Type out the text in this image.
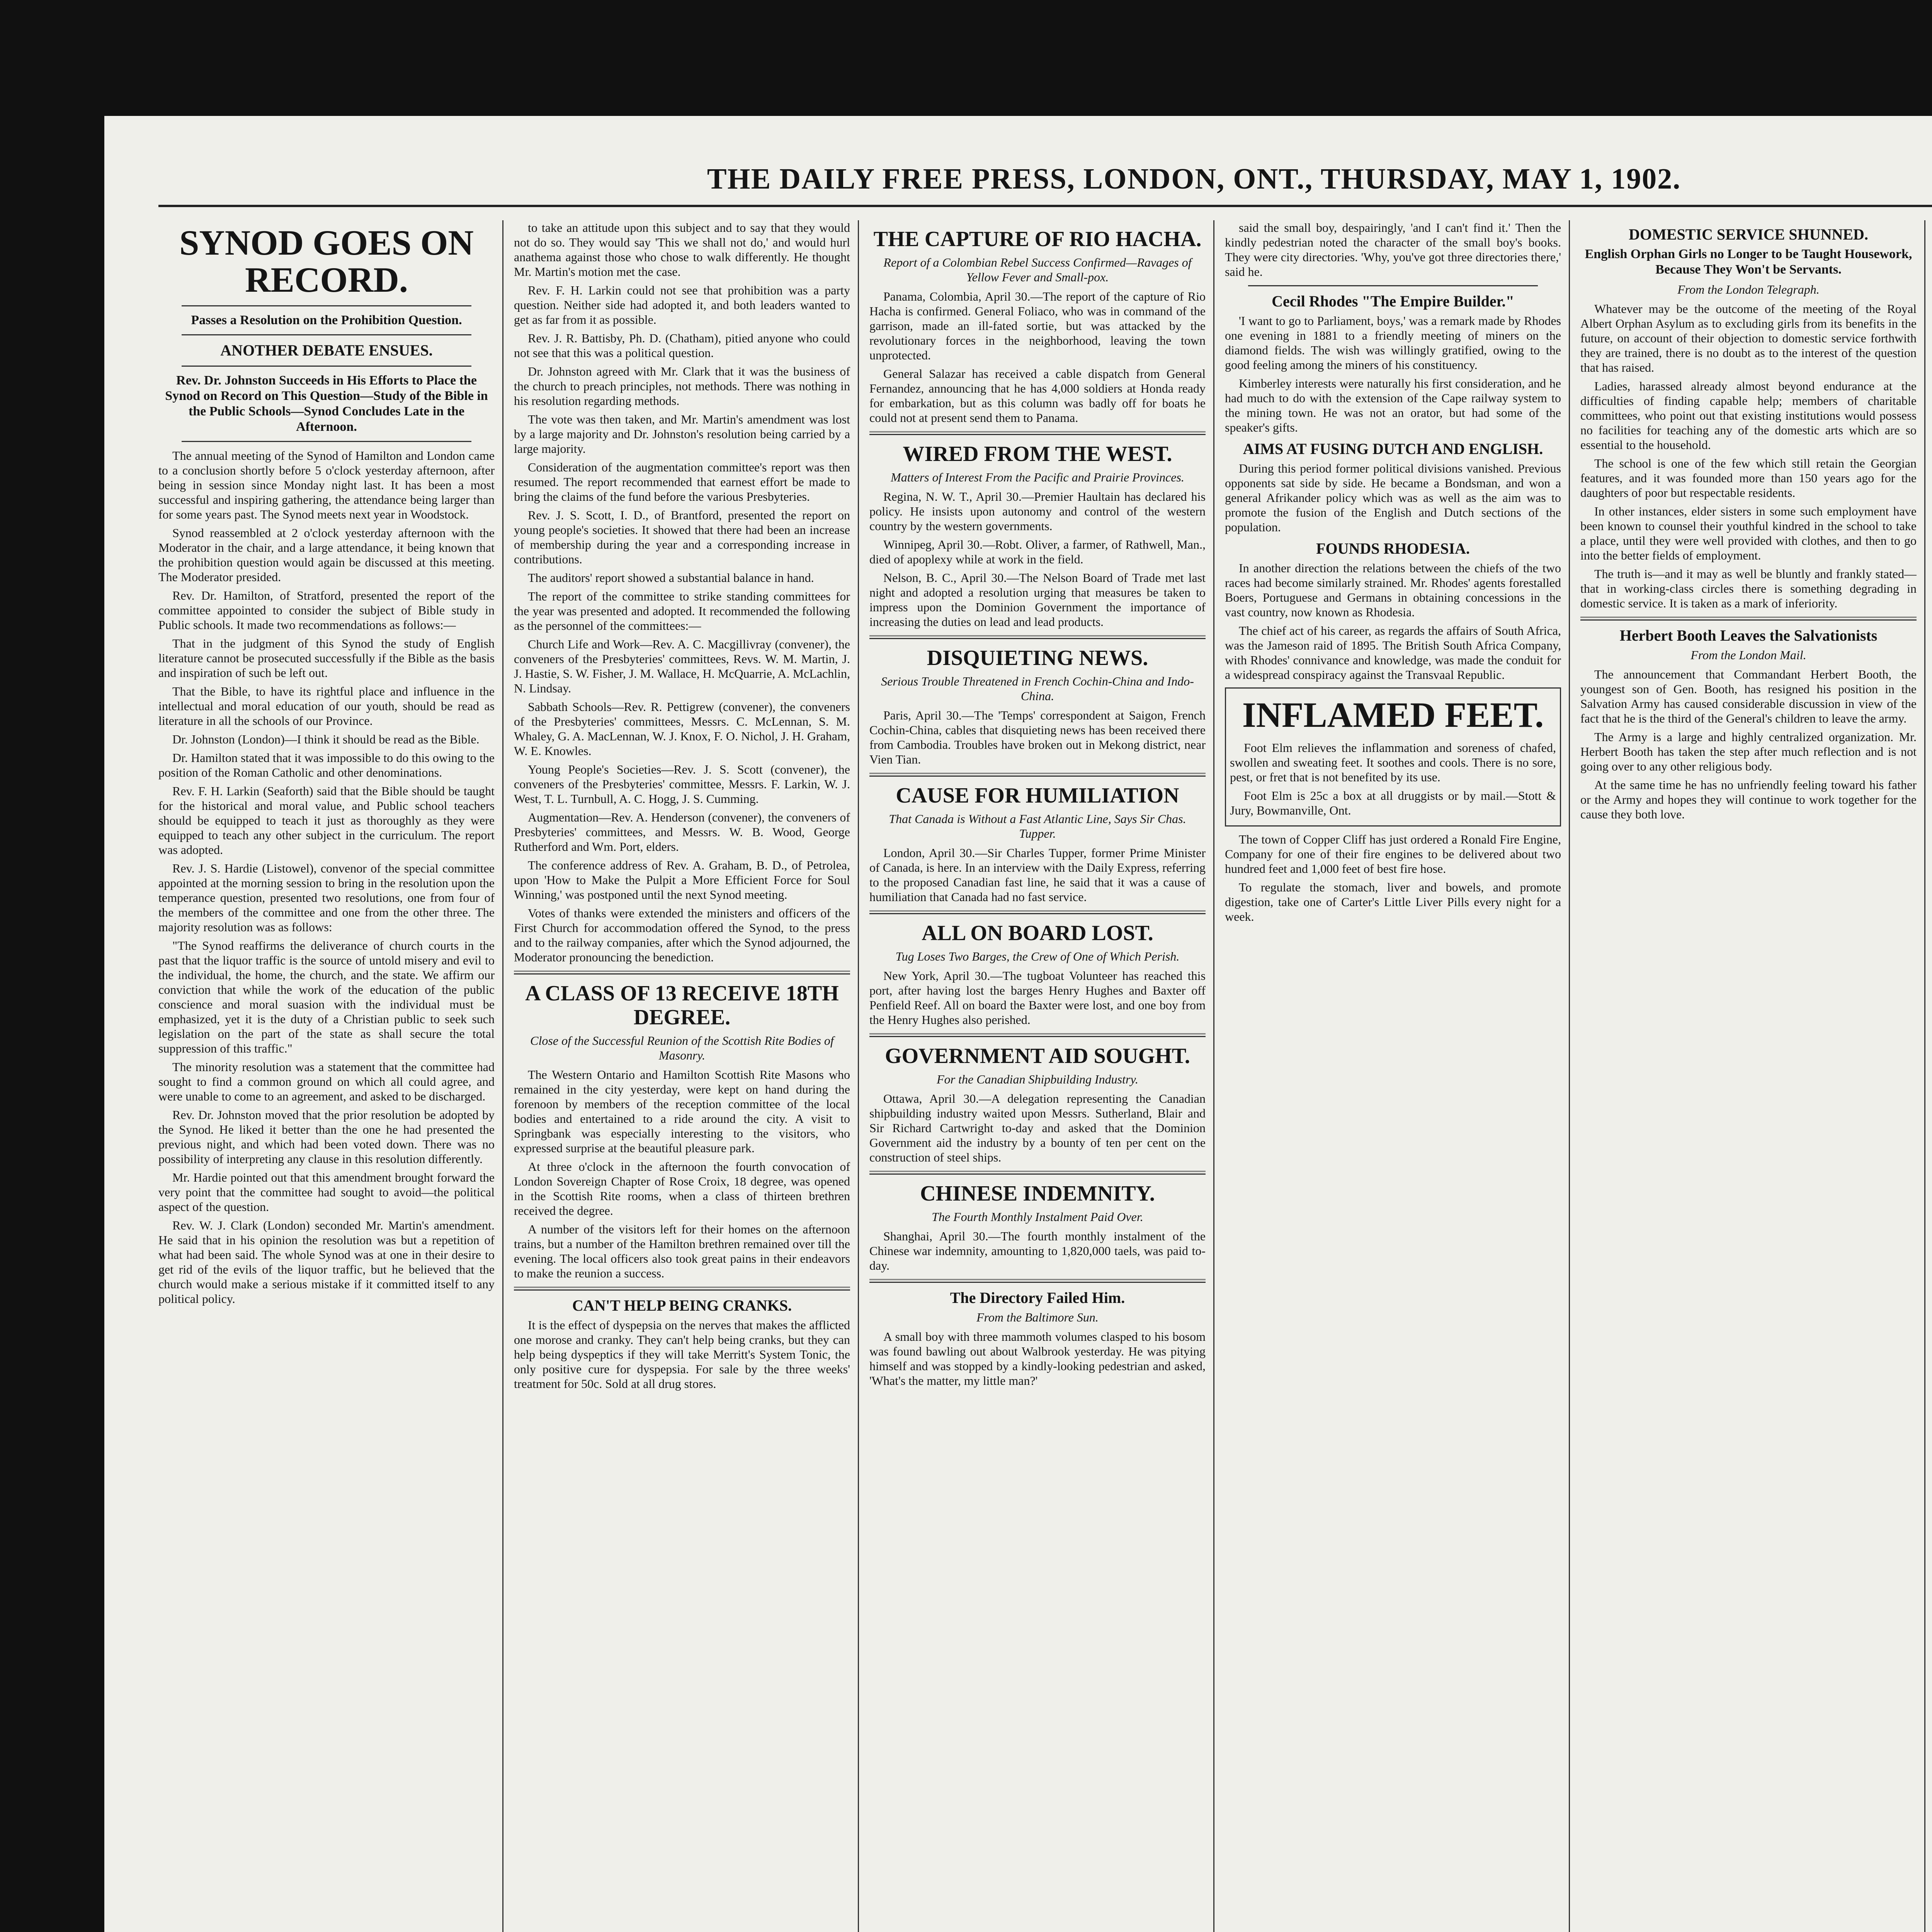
THE DAILY FREE PRESS, LONDON, ONT., THURSDAY, MAY 1, 1902.
SYNOD GOES ON RECORD.
Passes a Resolution on the Prohibition Question.
ANOTHER DEBATE ENSUES.
Rev. Dr. Johnston Succeeds in His Efforts to Place the Synod on Record on This Question—Study of the Bible in the Public Schools—Synod Concludes Late in the Afternoon.

The annual meeting of the Synod of Hamilton and London came to a conclusion shortly before 5 o'clock yesterday afternoon, after being in session since Monday night last. It has been a most successful and inspiring gathering, the attendance being larger than for some years past. The Synod meets next year in Woodstock.

Synod reassembled at 2 o'clock yesterday afternoon with the Moderator in the chair, and a large attendance, it being known that the prohibition question would again be discussed at this meeting. The Moderator presided.

Rev. Dr. Hamilton, of Stratford, presented the report of the committee appointed to consider the subject of Bible study in Public schools. It made two recommendations as follows:—

That in the judgment of this Synod the study of English literature cannot be prosecuted successfully if the Bible as the basis and inspiration of such be left out.

That the Bible, to have its rightful place and influence in the intellectual and moral education of our youth, should be read as literature in all the schools of our Province.

Dr. Johnston (London)—I think it should be read as the Bible.

Dr. Hamilton stated that it was impossible to do this owing to the position of the Roman Catholic and other denominations.

Rev. F. H. Larkin (Seaforth) said that the Bible should be taught for the historical and moral value, and Public school teachers should be equipped to teach it just as thoroughly as they were equipped to teach any other subject in the curriculum. The report was adopted.

Rev. J. S. Hardie (Listowel), convenor of the special committee appointed at the morning session to bring in the resolution upon the temperance question, presented two resolutions, one from four of the members of the committee and one from the other three. The majority resolution was as follows:

"The Synod reaffirms the deliverance of church courts in the past that the liquor traffic is the source of untold misery and evil to the individual, the home, the church, and the state. We affirm our conviction that while the work of the education of the public conscience and moral suasion with the individual must be emphasized, yet it is the duty of a Christian public to seek such legislation on the part of the state as shall secure the total suppression of this traffic."

The minority resolution was a statement that the committee had sought to find a common ground on which all could agree, and were unable to come to an agreement, and asked to be discharged.

Rev. Dr. Johnston moved that the prior resolution be adopted by the Synod. He liked it better than the one he had presented the previous night, and which had been voted down. There was no possibility of interpreting any clause in this resolution differently.

Mr. Hardie pointed out that this amendment brought forward the very point that the committee had sought to avoid—the political aspect of the question.

Rev. W. J. Clark (London) seconded Mr. Martin's amendment. He said that in his opinion the resolution was but a repetition of what had been said. The whole Synod was at one in their desire to get rid of the evils of the liquor traffic, but he believed that the church would make a serious mistake if it committed itself to any political policy.

to take an attitude upon this subject and to say that they would not do so. They would say 'This we shall not do,' and would hurl anathema against those who chose to walk differently. He thought Mr. Martin's motion met the case.

Rev. F. H. Larkin could not see that prohibition was a party question. Neither side had adopted it, and both leaders wanted to get as far from it as possible.

Rev. J. R. Battisby, Ph. D. (Chatham), pitied anyone who could not see that this was a political question.

Dr. Johnston agreed with Mr. Clark that it was the business of the church to preach principles, not methods. There was nothing in his resolution regarding methods.

The vote was then taken, and Mr. Martin's amendment was lost by a large majority and Dr. Johnston's resolution being carried by a large majority.

Consideration of the augmentation committee's report was then resumed. The report recommended that earnest effort be made to bring the claims of the fund before the various Presbyteries.

Rev. J. S. Scott, I. D., of Brantford, presented the report on young people's societies. It showed that there had been an increase of membership during the year and a corresponding increase in contributions.

The auditors' report showed a substantial balance in hand.

The report of the committee to strike standing committees for the year was presented and adopted. It recommended the following as the personnel of the committees:—

Church Life and Work—Rev. A. C. Macgillivray (convener), the conveners of the Presbyteries' committees, Revs. W. M. Martin, J. J. Hastie, S. W. Fisher, J. M. Wallace, H. McQuarrie, A. McLachlin, N. Lindsay.

Sabbath Schools—Rev. R. Pettigrew (convener), the conveners of the Presbyteries' committees, Messrs. C. McLennan, S. M. Whaley, G. A. MacLennan, W. J. Knox, F. O. Nichol, J. H. Graham, W. E. Knowles.

Young People's Societies—Rev. J. S. Scott (convener), the conveners of the Presbyteries' committee, Messrs. F. Larkin, W. J. West, T. L. Turnbull, A. C. Hogg, J. S. Cumming.

Augmentation—Rev. A. Henderson (convener), the conveners of Presbyteries' committees, and Messrs. W. B. Wood, George Rutherford and Wm. Port, elders.

The conference address of Rev. A. Graham, B. D., of Petrolea, upon 'How to Make the Pulpit a More Efficient Force for Soul Winning,' was postponed until the next Synod meeting.

Votes of thanks were extended the ministers and officers of the First Church for accommodation offered the Synod, to the press and to the railway companies, after which the Synod adjourned, the Moderator pronouncing the benediction.

A CLASS OF 13 RECEIVE 18TH DEGREE.
Close of the Successful Reunion of the Scottish Rite Bodies of Masonry.

The Western Ontario and Hamilton Scottish Rite Masons who remained in the city yesterday, were kept on hand during the forenoon by members of the reception committee of the local bodies and entertained to a ride around the city. A visit to Springbank was especially interesting to the visitors, who expressed surprise at the beautiful pleasure park.

At three o'clock in the afternoon the fourth convocation of London Sovereign Chapter of Rose Croix, 18 degree, was opened in the Scottish Rite rooms, when a class of thirteen brethren received the degree.

A number of the visitors left for their homes on the afternoon trains, but a number of the Hamilton brethren remained over till the evening. The local officers also took great pains in their endeavors to make the reunion a success.

CAN'T HELP BEING CRANKS.

It is the effect of dyspepsia on the nerves that makes the afflicted one morose and cranky. They can't help being cranks, but they can help being dyspeptics if they will take Merritt's System Tonic, the only positive cure for dyspepsia. For sale by the three weeks' treatment for 50c. Sold at all drug stores.

THE CAPTURE OF RIO HACHA.
Report of a Colombian Rebel Success Confirmed—Ravages of Yellow Fever and Small-pox.

Panama, Colombia, April 30.—The report of the capture of Rio Hacha is confirmed. General Foliaco, who was in command of the garrison, made an ill-fated sortie, but was attacked by the revolutionary forces in the neighborhood, leaving the town unprotected.

General Salazar has received a cable dispatch from General Fernandez, announcing that he has 4,000 soldiers at Honda ready for embarkation, but as this column was badly off for boats he could not at present send them to Panama.

WIRED FROM THE WEST.
Matters of Interest From the Pacific and Prairie Provinces.

Regina, N. W. T., April 30.—Premier Haultain has declared his policy. He insists upon autonomy and control of the western country by the western governments.

Winnipeg, April 30.—Robt. Oliver, a farmer, of Rathwell, Man., died of apoplexy while at work in the field.

Nelson, B. C., April 30.—The Nelson Board of Trade met last night and adopted a resolution urging that measures be taken to impress upon the Dominion Government the importance of increasing the duties on lead and lead products.

DISQUIETING NEWS.
Serious Trouble Threatened in French Cochin-China and Indo-China.

Paris, April 30.—The 'Temps' correspondent at Saigon, French Cochin-China, cables that disquieting news has been received there from Cambodia. Troubles have broken out in Mekong district, near Vien Tian.

CAUSE FOR HUMILIATION
That Canada is Without a Fast Atlantic Line, Says Sir Chas. Tupper.

London, April 30.—Sir Charles Tupper, former Prime Minister of Canada, is here. In an interview with the Daily Express, referring to the proposed Canadian fast line, he said that it was a cause of humiliation that Canada had no fast service.

ALL ON BOARD LOST.
Tug Loses Two Barges, the Crew of One of Which Perish.

New York, April 30.—The tugboat Volunteer has reached this port, after having lost the barges Henry Hughes and Baxter off Penfield Reef. All on board the Baxter were lost, and one boy from the Henry Hughes also perished.

GOVERNMENT AID SOUGHT.
For the Canadian Shipbuilding Industry.

Ottawa, April 30.—A delegation representing the Canadian shipbuilding industry waited upon Messrs. Sutherland, Blair and Sir Richard Cartwright to-day and asked that the Dominion Government aid the industry by a bounty of ten per cent on the construction of steel ships.

CHINESE INDEMNITY.
The Fourth Monthly Instalment Paid Over.

Shanghai, April 30.—The fourth monthly instalment of the Chinese war indemnity, amounting to 1,820,000 taels, was paid to-day.

The Directory Failed Him.
From the Baltimore Sun.

A small boy with three mammoth volumes clasped to his bosom was found bawling out about Walbrook yesterday. He was pitying himself and was stopped by a kindly-looking pedestrian and asked, 'What's the matter, my little man?'

said the small boy, despairingly, 'and I can't find it.' Then the kindly pedestrian noted the character of the small boy's books. They were city directories. 'Why, you've got three directories there,' said he.

Cecil Rhodes "The Empire Builder."

'I want to go to Parliament, boys,' was a remark made by Rhodes one evening in 1881 to a friendly meeting of miners on the diamond fields. The wish was willingly gratified, owing to the good feeling among the miners of his constituency.

Kimberley interests were naturally his first consideration, and he had much to do with the extension of the Cape railway system to the mining town. He was not an orator, but had some of the speaker's gifts.

AIMS AT FUSING DUTCH AND ENGLISH.

During this period former political divisions vanished. Previous opponents sat side by side. He became a Bondsman, and won a general Afrikander policy which was as well as the aim was to promote the fusion of the English and Dutch sections of the population.

FOUNDS RHODESIA.

In another direction the relations between the chiefs of the two races had become similarly strained. Mr. Rhodes' agents forestalled Boers, Portuguese and Germans in obtaining concessions in the vast country, now known as Rhodesia.

The chief act of his career, as regards the affairs of South Africa, was the Jameson raid of 1895. The British South Africa Company, with Rhodes' connivance and knowledge, was made the conduit for a widespread conspiracy against the Transvaal Republic.

INFLAMED FEET.

Foot Elm relieves the inflammation and soreness of chafed, swollen and sweating feet. It soothes and cools. There is no sore, pest, or fret that is not benefited by its use.

Foot Elm is 25c a box at all druggists or by mail.—Stott & Jury, Bowmanville, Ont.

The town of Copper Cliff has just ordered a Ronald Fire Engine, Company for one of their fire engines to be delivered about two hundred feet and 1,000 feet of best fire hose.

To regulate the stomach, liver and bowels, and promote digestion, take one of Carter's Little Liver Pills every night for a week.

DOMESTIC SERVICE SHUNNED.
English Orphan Girls no Longer to be Taught Housework, Because They Won't be Servants.
From the London Telegraph.

Whatever may be the outcome of the meeting of the Royal Albert Orphan Asylum as to excluding girls from its benefits in the future, on account of their objection to domestic service forthwith they are trained, there is no doubt as to the interest of the question that has raised.

Ladies, harassed already almost beyond endurance at the difficulties of finding capable help; members of charitable committees, who point out that existing institutions would possess no facilities for teaching any of the domestic arts which are so essential to the household.

The school is one of the few which still retain the Georgian features, and it was founded more than 150 years ago for the daughters of poor but respectable residents.

In other instances, elder sisters in some such employment have been known to counsel their youthful kindred in the school to take a place, until they were well provided with clothes, and then to go into the better fields of employment.

The truth is—and it may as well be bluntly and frankly stated—that in working-class circles there is something degrading in domestic service. It is taken as a mark of inferiority.

Herbert Booth Leaves the Salvationists
From the London Mail.

The announcement that Commandant Herbert Booth, the youngest son of Gen. Booth, has resigned his position in the Salvation Army has caused considerable discussion in view of the fact that he is the third of the General's children to leave the army.

The Army is a large and highly centralized organization. Mr. Herbert Booth has taken the step after much reflection and is not going over to any other religious body.

At the same time he has no unfriendly feeling toward his father or the Army and hopes they will continue to work together for the cause they both love.
